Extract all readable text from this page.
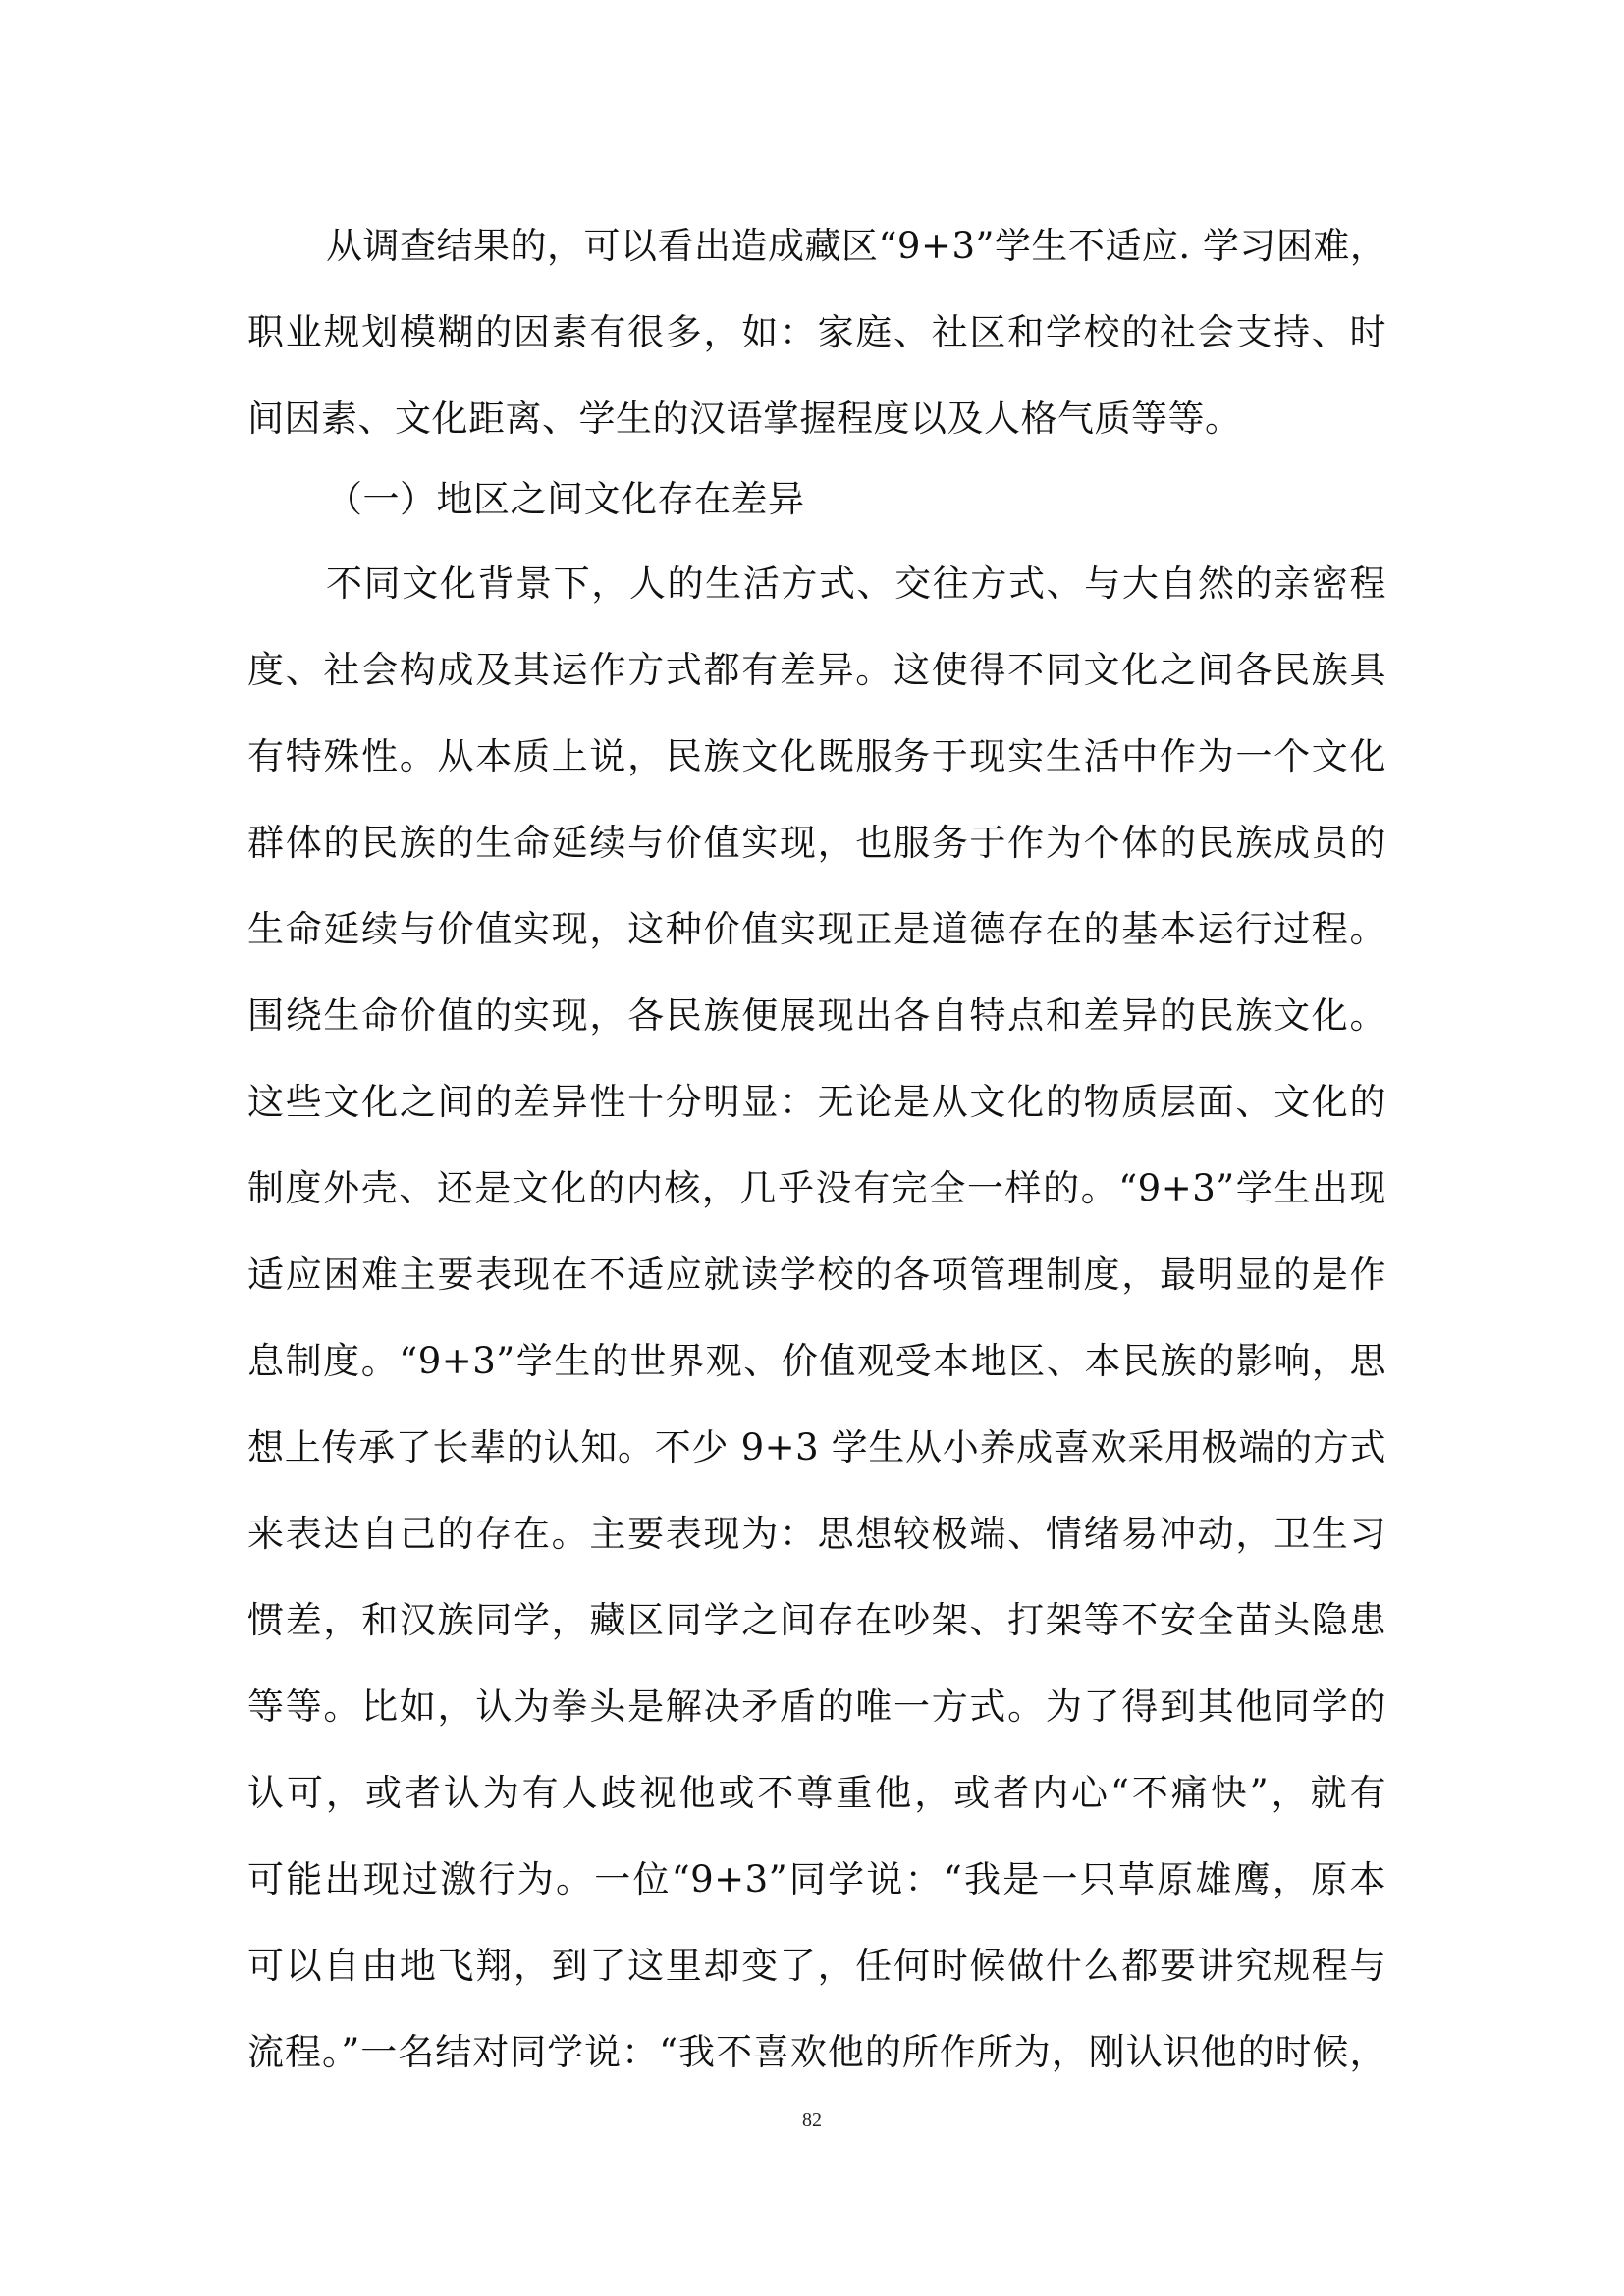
从调查结果的，可以看出造成藏区“9+3”学生不适应. 学习困难，
职业规划模糊的因素有很多，如：家庭、社区和学校的社会支持、时
间因素、文化距离、学生的汉语掌握程度以及人格气质等等。
（一）地区之间文化存在差异
不同文化背景下，人的生活方式、交往方式、与大自然的亲密程
度、社会构成及其运作方式都有差异。这使得不同文化之间各民族具
有特殊性。从本质上说，民族文化既服务于现实生活中作为一个文化
群体的民族的生命延续与价值实现，也服务于作为个体的民族成员的
生命延续与价值实现，这种价值实现正是道德存在的基本运行过程。
围绕生命价值的实现，各民族便展现出各自特点和差异的民族文化。
这些文化之间的差异性十分明显：无论是从文化的物质层面、文化的
制度外壳、还是文化的内核，几乎没有完全一样的。“9+3”学生出现
适应困难主要表现在不适应就读学校的各项管理制度，最明显的是作
息制度。“9+3”学生的世界观、价值观受本地区、本民族的影响，思
想上传承了长辈的认知。不少 9+3 学生从小养成喜欢采用极端的方式
来表达自己的存在。主要表现为：思想较极端、情绪易冲动，卫生习
惯差，和汉族同学，藏区同学之间存在吵架、打架等不安全苗头隐患
等等。比如，认为拳头是解决矛盾的唯一方式。为了得到其他同学的
认可，或者认为有人歧视他或不尊重他，或者内心“不痛快”，就有
可能出现过激行为。一位“9+3”同学说：“我是一只草原雄鹰，原本
可以自由地飞翔，到了这里却变了，任何时候做什么都要讲究规程与
流程。”一名结对同学说：“我不喜欢他的所作所为，刚认识他的时候，
82
